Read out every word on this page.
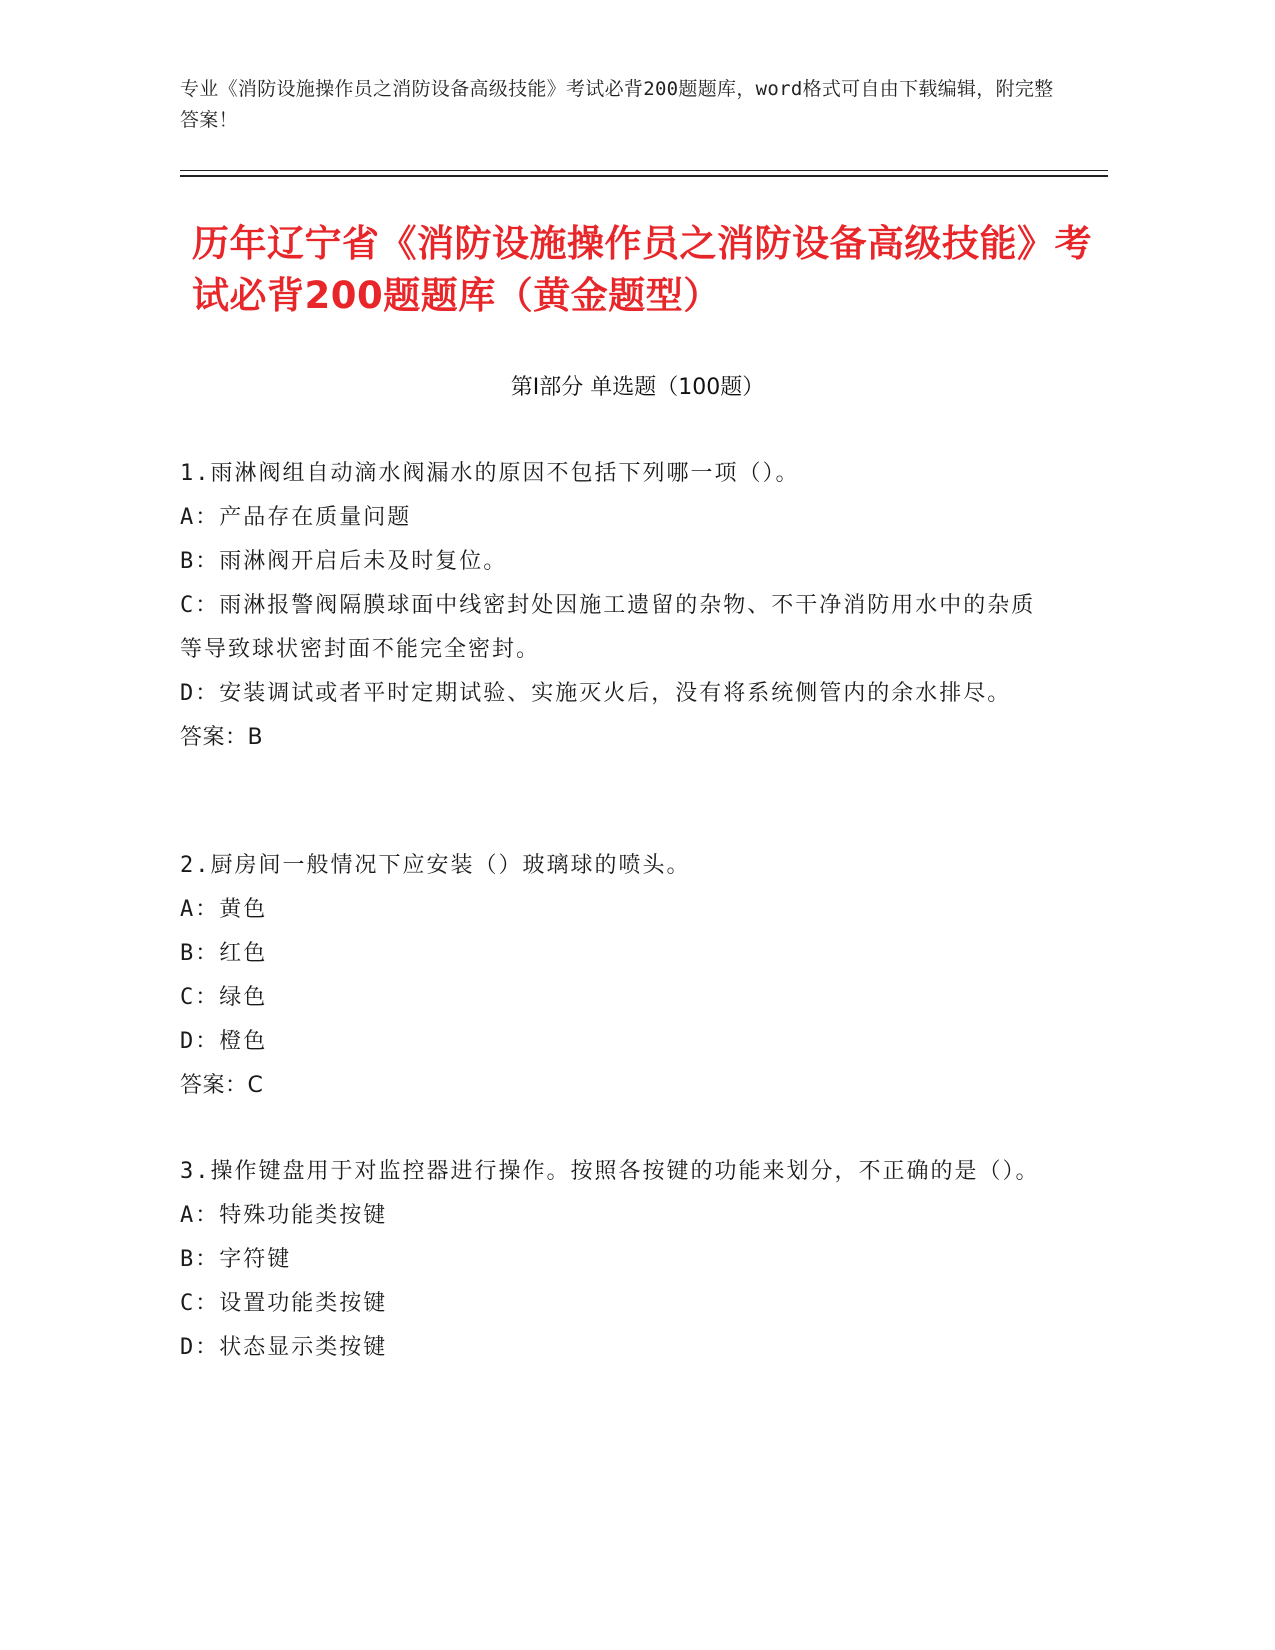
专业《消防设施操作员之消防设备高级技能》考试必背200题题库，word格式可自由下载编辑，附完整答案！
历年辽宁省《消防设施操作员之消防设备高级技能》考试必背200题题库（黄金题型）
第I部分 单选题（100题）
1.雨淋阀组自动滴水阀漏水的原因不包括下列哪一项（）。
A：产品存在质量问题
B：雨淋阀开启后未及时复位。
C：雨淋报警阀隔膜球面中线密封处因施工遗留的杂物、不干净消防用水中的杂质等导致球状密封面不能完全密封。
D：安装调试或者平时定期试验、实施灭火后，没有将系统侧管内的余水排尽。
答案：B
2.厨房间一般情况下应安装（）玻璃球的喷头。
A：黄色
B：红色
C：绿色
D：橙色
答案：C
3.操作键盘用于对监控器进行操作。按照各按键的功能来划分，不正确的是（）。
A：特殊功能类按键
B：字符键
C：设置功能类按键
D：状态显示类按键
